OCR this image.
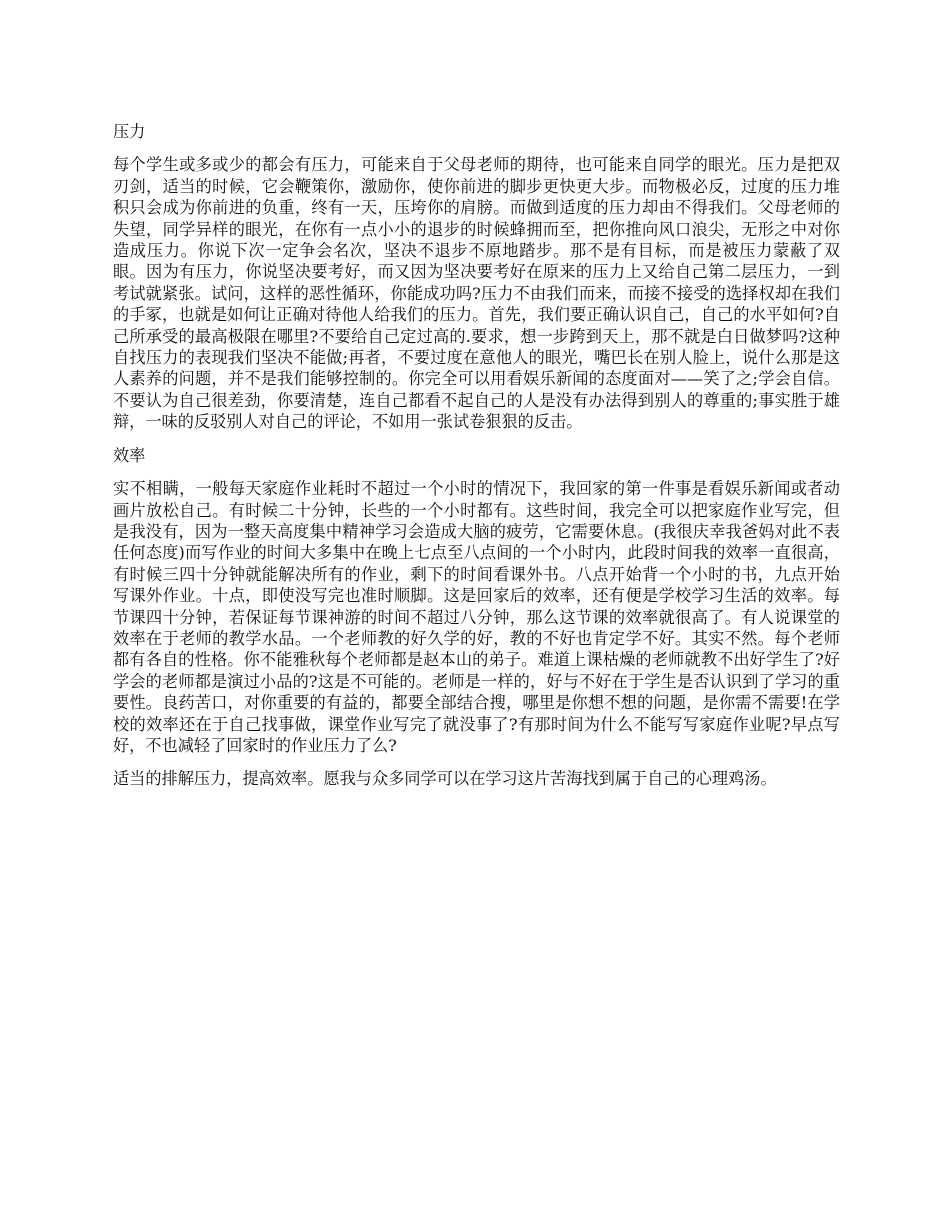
压力

每个学生或多或少的都会有压力，可能来自于父母老师的期待，也可能来自同学的眼光。压力是把双刃剑，适当的时候，它会鞭策你，激励你，使你前进的脚步更快更大步。而物极必反，过度的压力堆积只会成为你前进的负重，终有一天，压垮你的肩膀。而做到适度的压力却由不得我们。父母老师的失望，同学异样的眼光，在你有一点小小的退步的时候蜂拥而至，把你推向风口浪尖，无形之中对你造成压力。你说下次一定争会名次，坚决不退步不原地踏步。那不是有目标，而是被压力蒙蔽了双眼。因为有压力，你说坚决要考好，而又因为坚决要考好在原来的压力上又给自己第二层压力，一到考试就紧张。试问，这样的恶性循环，你能成功吗?压力不由我们而来，而接不接受的选择权却在我们的手冢，也就是如何让正确对待他人给我们的压力。首先，我们要正确认识自己，自己的水平如何?自己所承受的最高极限在哪里?不要给自己定过高的.要求，想一步跨到天上，那不就是白日做梦吗?这种自找压力的表现我们坚决不能做;再者，不要过度在意他人的眼光，嘴巴长在别人脸上，说什么那是这人素养的问题，并不是我们能够控制的。你完全可以用看娱乐新闻的态度面对——笑了之;学会自信。不要认为自己很差劲，你要清楚，连自己都看不起自己的人是没有办法得到别人的尊重的;事实胜于雄辩，一味的反驳别人对自己的评论，不如用一张试卷狠狠的反击。

效率

实不相瞒，一般每天家庭作业耗时不超过一个小时的情况下，我回家的第一件事是看娱乐新闻或者动画片放松自己。有时候二十分钟，长些的一个小时都有。这些时间，我完全可以把家庭作业写完，但是我没有，因为一整天高度集中精神学习会造成大脑的疲劳，它需要休息。(我很庆幸我爸妈对此不表任何态度)而写作业的时间大多集中在晚上七点至八点间的一个小时内，此段时间我的效率一直很高，有时候三四十分钟就能解决所有的作业，剩下的时间看课外书。八点开始背一个小时的书，九点开始写课外作业。十点，即使没写完也准时顺脚。这是回家后的效率，还有便是学校学习生活的效率。每节课四十分钟，若保证每节课神游的时间不超过八分钟，那么这节课的效率就很高了。有人说课堂的效率在于老师的教学水品。一个老师教的好久学的好，教的不好也肯定学不好。其实不然。每个老师都有各自的性格。你不能雅秋每个老师都是赵本山的弟子。难道上课枯燥的老师就教不出好学生了?好学会的老师都是演过小品的?这是不可能的。老师是一样的，好与不好在于学生是否认识到了学习的重要性。良药苦口，对你重要的有益的，都要全部结合搜，哪里是你想不想的问题，是你需不需要!在学校的效率还在于自己找事做，课堂作业写完了就没事了?有那时间为什么不能写写家庭作业呢?早点写好，不也减轻了回家时的作业压力了么?

适当的排解压力，提高效率。愿我与众多同学可以在学习这片苦海找到属于自己的心理鸡汤。
